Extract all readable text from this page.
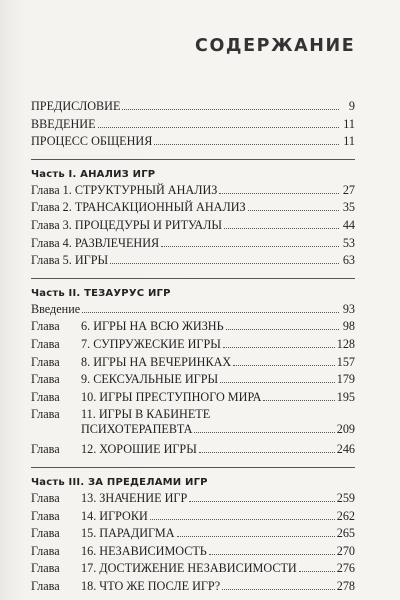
СОДЕРЖАНИЕ
ПРЕДИСЛОВИЕ	9
ВВЕДЕНИЕ	11
ПРОЦЕСС ОБЩЕНИЯ	11
Часть I. АНАЛИЗ ИГР
Глава 1. СТРУКТУРНЫЙ АНАЛИЗ	27
Глава 2. ТРАНСАКЦИОННЫЙ АНАЛИЗ	35
Глава 3. ПРОЦЕДУРЫ И РИТУАЛЫ	44
Глава 4. РАЗВЛЕЧЕНИЯ	53
Глава 5. ИГРЫ	63
Часть II. ТЕЗАУРУС ИГР
Введение	93
Глава 6. ИГРЫ НА ВСЮ ЖИЗНЬ	98
Глава 7. СУПРУЖЕСКИЕ ИГРЫ	128
Глава 8. ИГРЫ НА ВЕЧЕРИНКАХ	157
Глава 9. СЕКСУАЛЬНЫЕ ИГРЫ	179
Глава 10. ИГРЫ ПРЕСТУПНОГО МИРА	195
Глава 11. ИГРЫ В КАБИНЕТЕ
ПСИХОТЕРАПЕВТА	209
Глава 12. ХОРОШИЕ ИГРЫ	246
Часть III. ЗА ПРЕДЕЛАМИ ИГР
Глава 13. ЗНАЧЕНИЕ ИГР	259
Глава 14. ИГРОКИ	262
Глава 15. ПАРАДИГМА	265
Глава 16. НЕЗАВИСИМОСТЬ	270
Глава 17. ДОСТИЖЕНИЕ НЕЗАВИСИМОСТИ	276
Глава 18. ЧТО ЖЕ ПОСЛЕ ИГР?	278
